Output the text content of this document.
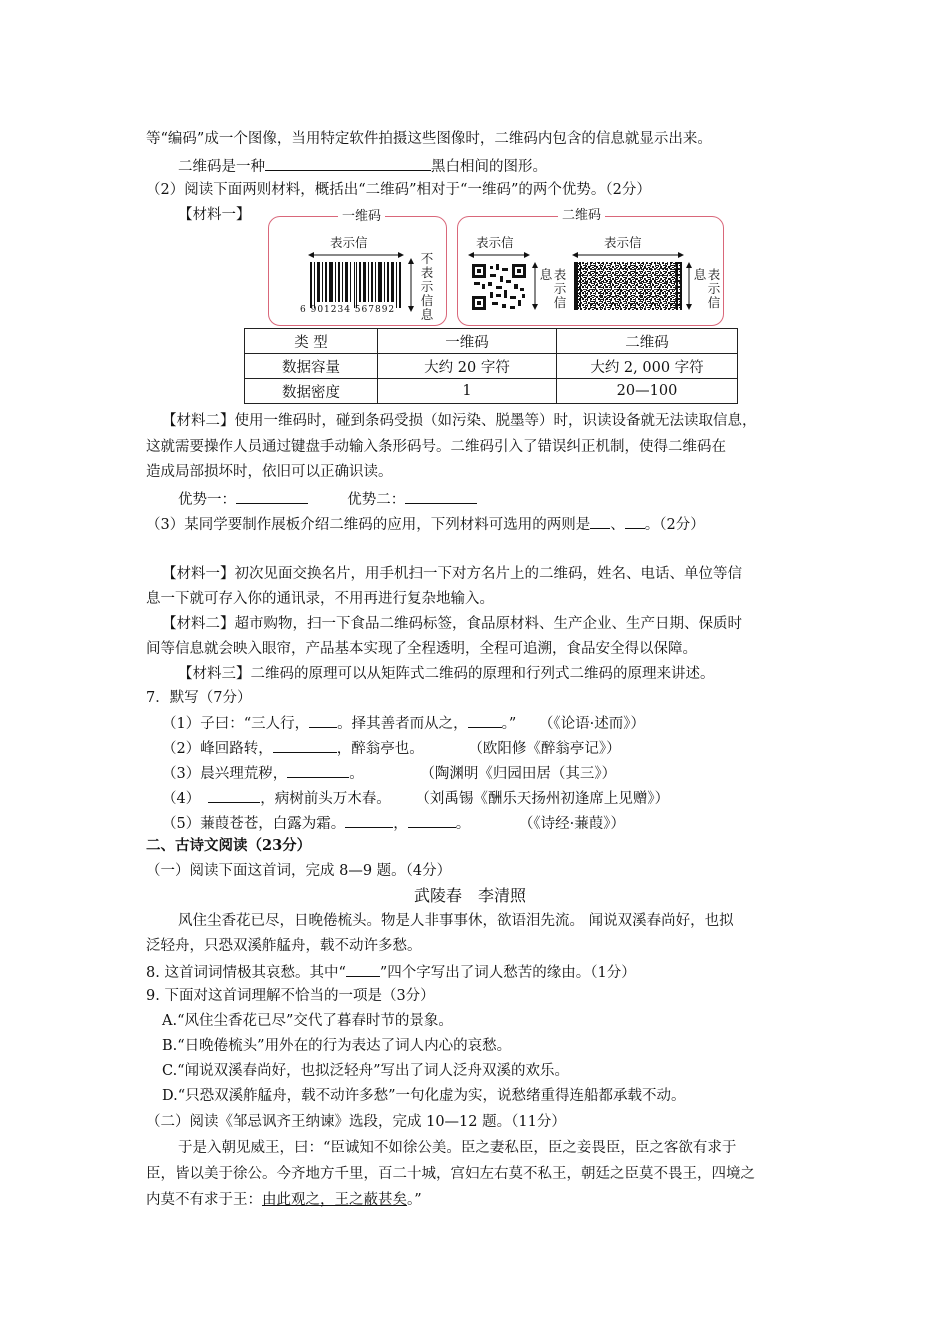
等“编码”成一个图像，当用特定软件拍摄这些图像时，二维码内包含的信息就显示出来。
二维码是一种	黑白相间的图形。
（2）阅读下面两则材料，概括出“二维码”相对于“一维码”的两个优势。（2分）
【材料一】	一维码
表示信
6 901234 567892
不
表
示
信
息
二维码
表示信
息 表
示
信
表示信
息 表
示
信
类 型	一维码	二维码
数据容量	大约 20 字符	大约 2, 000 字符
数据密度	1	20—100
【材料二】使用一维码时，碰到条码受损（如污染、脱墨等）时，识读设备就无法读取信息，
这就需要操作人员通过键盘手动输入条形码号。二维码引入了错误纠正机制，使得二维码在
造成局部损坏时，依旧可以正确识读。
优势一：	优势二：
（3）某同学要制作展板介绍二维码的应用，下列材料可选用的两则是 、 。（2分）
【材料一】初次见面交换名片，用手机扫一下对方名片上的二维码，姓名、电话、单位等信
息一下就可存入你的通讯录，不用再进行复杂地输入。
【材料二】超市购物，扫一下食品二维码标签，食品原材料、生产企业、生产日期、保质时
间等信息就会映入眼帘，产品基本实现了全程透明，全程可追溯，食品安全得以保障。
【材料三】二维码的原理可以从矩阵式二维码的原理和行列式二维码的原理来讲述。
7．默写（7分）
（1）子曰：“三人行， 。择其善者而从之， 。” （《论语·述而》）
（2）峰回路转，	，醉翁亭也。	（欧阳修《醉翁亭记》）
（3）晨兴理荒秽，	。	（陶渊明《归园田居（其三》）
（4）	，病树前头万木春。 （刘禹锡《酬乐天扬州初逢席上见赠》）
（5）蒹葭苍苍，白露为霜。	，	。	（《诗经·蒹葭》）
二、古诗文阅读（23分）
（一）阅读下面这首词，完成 8—9 题。（4分）
武陵春　李清照
风住尘香花已尽，日晚倦梳头。物是人非事事休，欲语泪先流。 闻说双溪春尚好，也拟
泛轻舟，只恐双溪舴艋舟，载不动许多愁。
8. 这首词词情极其哀愁。其中“ ”四个字写出了词人愁苦的缘由。（1分）
9. 下面对这首词理解不恰当的一项是（3分）
A.“风住尘香花已尽”交代了暮春时节的景象。
B.“日晚倦梳头”用外在的行为表达了词人内心的哀愁。
C.“闻说双溪春尚好，也拟泛轻舟”写出了词人泛舟双溪的欢乐。
D.“只恐双溪舴艋舟，载不动许多愁”一句化虚为实，说愁绪重得连船都承载不动。
（二）阅读《邹忌讽齐王纳谏》选段，完成 10—12 题。（11分）
于是入朝见威王，曰：“臣诚知不如徐公美。臣之妻私臣，臣之妾畏臣，臣之客欲有求于
臣，皆以美于徐公。今齐地方千里，百二十城，宫妇左右莫不私王，朝廷之臣莫不畏王，四境之
内莫不有求于王：由此观之，王之蔽甚矣。”
